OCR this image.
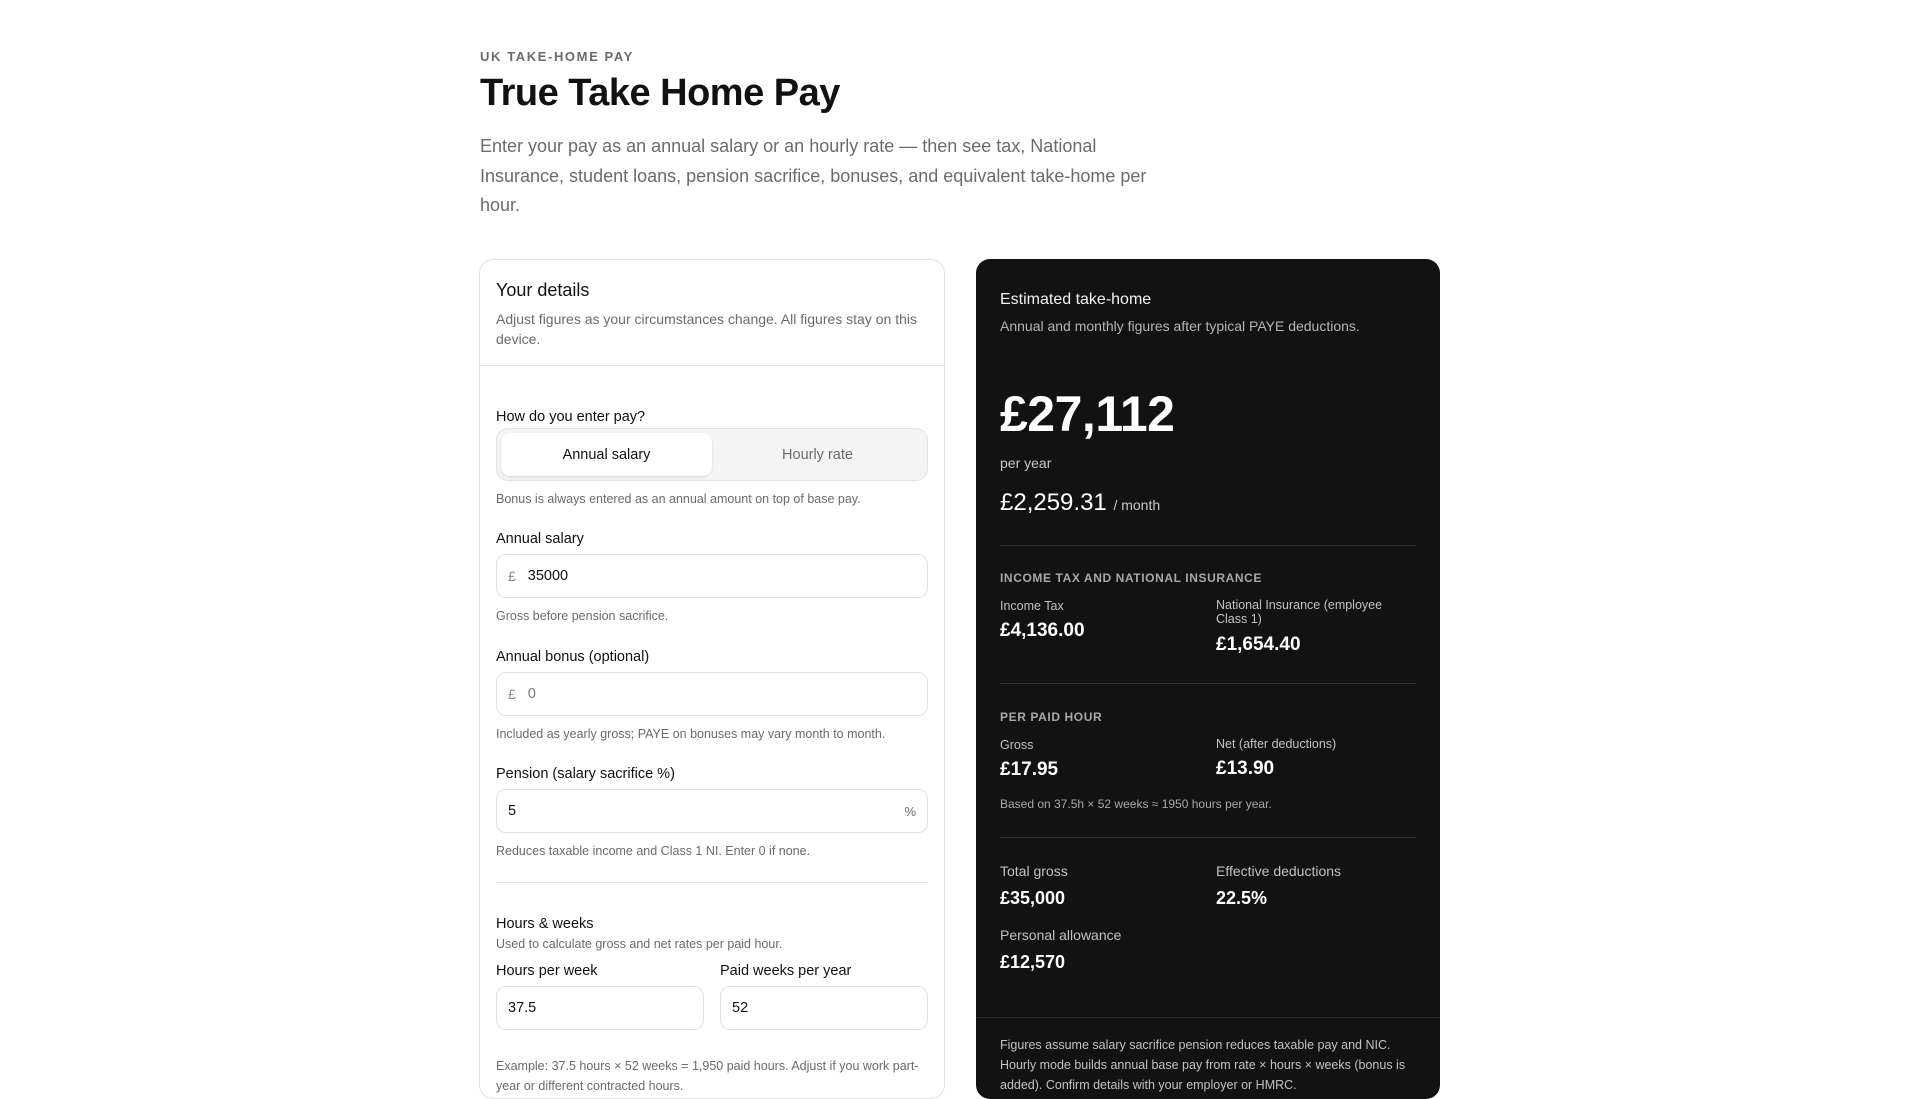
UK TAKE-HOME PAY
True Take Home Pay

Enter your pay as an annual salary or an hourly rate — then see tax, National Insurance, student loans, pension sacrifice, bonuses, and equivalent take-home per hour.

Your details
Adjust figures as your circumstances change. All figures stay on this device.
How do you enter pay?
Annual salary	Hourly rate
Bonus is always entered as an annual amount on top of base pay.
Annual salary
£ 35000
Gross before pension sacrifice.
Annual bonus (optional)
£ 0
Included as yearly gross; PAYE on bonuses may vary month to month.
Pension (salary sacrifice %)
5	%
Reduces taxable income and Class 1 NI. Enter 0 if none.
Hours & weeks
Used to calculate gross and net rates per paid hour.
Hours per week
37.5
Paid weeks per year
52
Example: 37.5 hours × 52 weeks = 1,950 paid hours. Adjust if you work part-year or different contracted hours.
Estimated take-home
Annual and monthly figures after typical PAYE deductions.
£27,112
per year
£2,259.31 / month
INCOME TAX AND NATIONAL INSURANCE
Income Tax
£4,136.00
National Insurance (employee Class 1)
£1,654.40
PER PAID HOUR
Gross
£17.95
Net (after deductions)
£13.90
Based on 37.5h × 52 weeks ≈ 1950 hours per year.
Total gross
£35,000
Effective deductions
22.5%
Personal allowance
£12,570
Figures assume salary sacrifice pension reduces taxable pay and NIC. Hourly mode builds annual base pay from rate × hours × weeks (bonus is added). Confirm details with your employer or HMRC.
